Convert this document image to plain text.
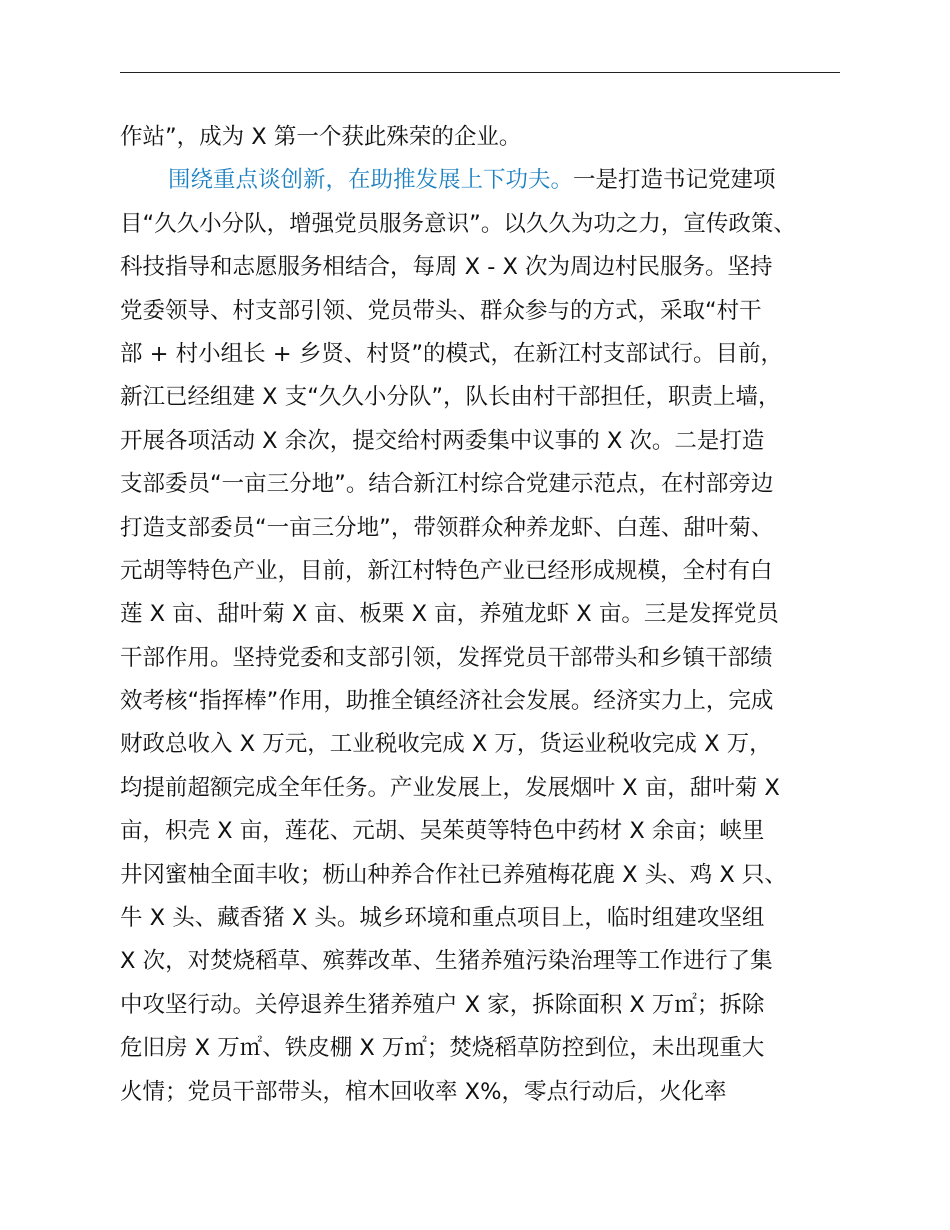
作站”，成为 X 第一个获此殊荣的企业。
围绕重点谈创新，在助推发展上下功夫。一是打造书记党建项
目“久久小分队，增强党员服务意识”。以久久为功之力，宣传政策、
科技指导和志愿服务相结合，每周 X - X 次为周边村民服务。坚持
党委领导、村支部引领、党员带头、群众参与的方式，采取“村干
部 + 村小组长 + 乡贤、村贤”的模式，在新江村支部试行。目前，
新江已经组建 X 支“久久小分队”，队长由村干部担任，职责上墙，
开展各项活动 X 余次，提交给村两委集中议事的 X 次。二是打造
支部委员“一亩三分地”。结合新江村综合党建示范点，在村部旁边
打造支部委员“一亩三分地”，带领群众种养龙虾、白莲、甜叶菊、
元胡等特色产业，目前，新江村特色产业已经形成规模，全村有白
莲 X 亩、甜叶菊 X 亩、板栗 X 亩，养殖龙虾 X 亩。三是发挥党员
干部作用。坚持党委和支部引领，发挥党员干部带头和乡镇干部绩
效考核“指挥棒”作用，助推全镇经济社会发展。经济实力上，完成
财政总收入 X 万元，工业税收完成 X 万，货运业税收完成 X 万，
均提前超额完成全年任务。产业发展上，发展烟叶 X 亩，甜叶菊 X
亩，枳壳 X 亩，莲花、元胡、吴茱萸等特色中药材 X 余亩；峡里
井冈蜜柚全面丰收；枥山种养合作社已养殖梅花鹿 X 头、鸡 X 只、
牛 X 头、藏香猪 X 头。城乡环境和重点项目上，临时组建攻坚组
X 次，对焚烧稻草、殡葬改革、生猪养殖污染治理等工作进行了集
中攻坚行动。关停退养生猪养殖户 X 家，拆除面积 X 万㎡；拆除
危旧房 X 万㎡、铁皮棚 X 万㎡；焚烧稻草防控到位，未出现重大
火情；党员干部带头，棺木回收率 X%，零点行动后，火化率
